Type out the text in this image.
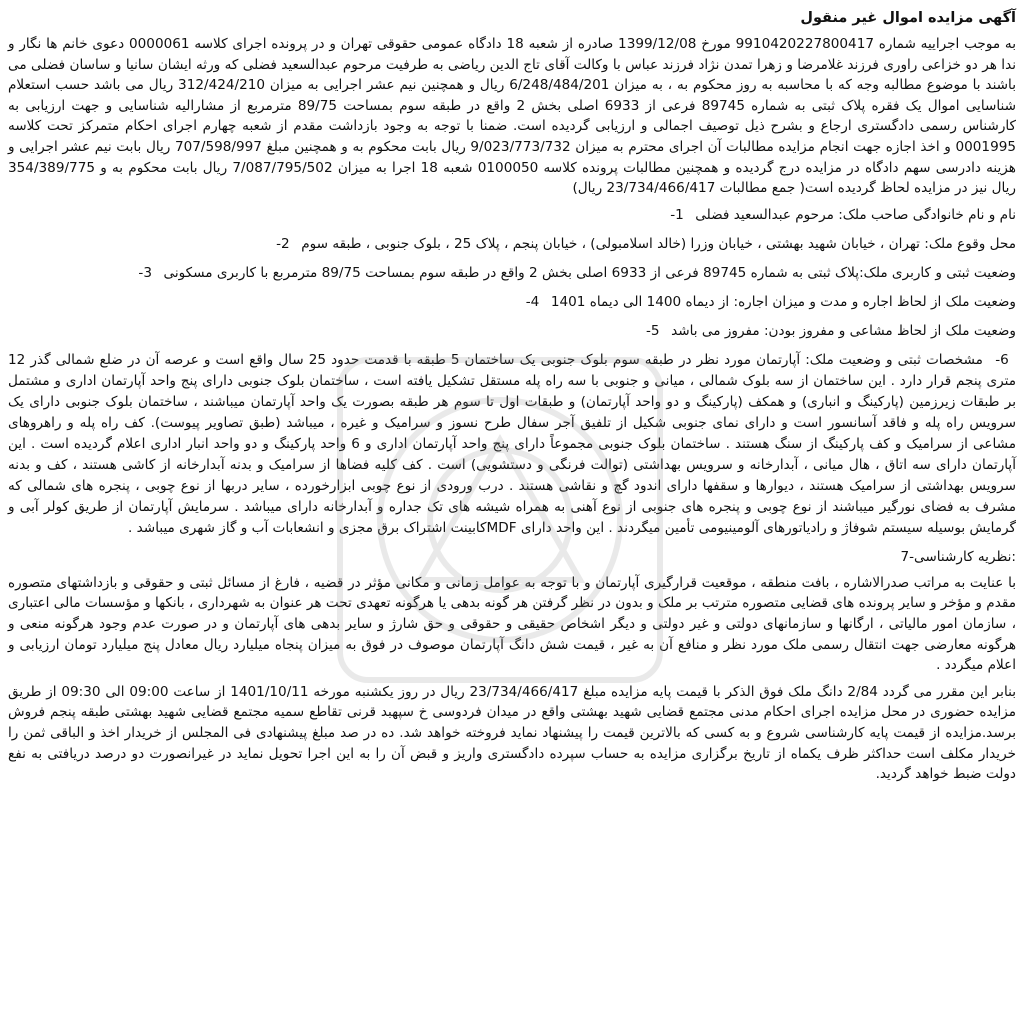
آگهی مزایده اموال غیر منقول

به موجب اجراییه شماره 9910420227800417 مورخ 1399/12/08 صادره از شعبه 18 دادگاه عمومی حقوقی تهران و در پرونده اجرای کلاسه 0000061 دعوی خانم ها نگار و ندا هر دو خزاعی راوری فرزند غلامرضا و زهرا تمدن نژاد فرزند عباس با وکالت آقای تاج الدین ریاضی به طرفیت مرحوم عبدالسعید فضلی که ورثه ایشان سانیا و ساسان فضلی می باشند با موضوع مطالبه وجه که با محاسبه به روز محکوم به ، به میزان 6/248/484/201 ریال و همچنین نیم عشر اجرایی به میزان 312/424/210 ریال می باشد حسب استعلام شناسایی اموال یک فقره پلاک ثبتی به شماره 89745 فرعی از 6933 اصلی بخش 2 واقع در طبقه سوم بمساحت 89/75 مترمربع از مشارالیه شناسایی و جهت ارزیابی به کارشناس رسمی دادگستری ارجاع و بشرح ذیل توصیف اجمالی و ارزیابی گردیده است. ضمنا با توجه به وجود بازداشت مقدم از شعبه چهارم اجرای احکام متمرکز تحت کلاسه 0001995 و اخذ اجازه جهت انجام مزایده مطالبات آن اجرای محترم به میزان 9/023/773/732 ریال بابت محکوم به و همچنین مبلغ 707/598/997 ریال بابت نیم عشر اجرایی و هزینه دادرسی سهم دادگاه در مزایده درج گردیده و همچنین مطالبات پرونده کلاسه 0100050 شعبه 18 اجرا به میزان 7/087/795/502 ریال بابت محکوم به و 354/389/775 ریال نیز در مزایده لحاظ گردیده است( جمع مطالبات 23/734/466/417 ریال)

نام و نام خانوادگی صاحب ملک: مرحوم عبدالسعید فضلی 1-
محل وقوع ملک: تهران ، خیابان شهید بهشتی ، خیابان وزرا (خالد اسلامبولی) ، خیابان پنجم ، پلاک 25 ، بلوک جنوبی ، طبقه سوم 2-
وضعیت ثبتی و کاربری ملک:پلاک ثبتی به شماره 89745 فرعی از 6933 اصلی بخش 2 واقع در طبقه سوم بمساحت 89/75 مترمربع با کاربری مسکونی 3-
وضعیت ملک از لحاظ اجاره و مدت و میزان اجاره: از دیماه 1400 الی دیماه 1401 4-
وضعیت ملک از لحاظ مشاعی و مفروز بودن: مفروز می باشد 5-
6- مشخصات ثبتی و وضعیت ملک: آپارتمان مورد نظر در طبقه سوم بلوک جنوبی یک ساختمان 5 طبقه با قدمت حدود 25 سال واقع است و عرصه آن در ضلع شمالی گذر 12 متری پنجم قرار دارد . این ساختمان از سه بلوک شمالی ، میانی و جنوبی با سه راه پله مستقل تشکیل یافته است ، ساختمان بلوک جنوبی دارای پنج واحد آپارتمان اداری و مشتمل بر طبقات زیرزمین (پارکینگ و انباری) و همکف (پارکینگ و دو واحد آپارتمان) و طبقات اول تا سوم هر طبقه بصورت یک واحد آپارتمان میباشند ، ساختمان بلوک جنوبی دارای یک سرویس راه پله و فاقد آسانسور است و دارای نمای جنوبی شکیل از تلفیق آجر سفال طرح نسوز و سرامیک و غیره ، میباشد (طبق تصاویر پیوست). کف راه پله و راهروهای مشاعی از سرامیک و کف پارکینگ از سنگ هستند . ساختمان بلوک جنوبی مجموعاً دارای پنج واحد آپارتمان اداری و 6 واحد پارکینگ و دو واحد انبار اداری اعلام گردیده است . این آپارتمان دارای سه اتاق ، هال میانی ، آبدارخانه و سرویس بهداشتی (توالت فرنگی و دستشویی) است . کف کلیه فضاها از سرامیک و بدنه آبدارخانه از کاشی هستند ، کف و بدنه سرویس بهداشتی از سرامیک هستند ، دیوارها و سقفها دارای اندود گچ و نقاشی هستند . درب ورودی از نوع چوبی ابزارخورده ، سایر دربها از نوع چوبی ، پنجره های شمالی که مشرف به فضای نورگیر میباشند از نوع چوبی و پنجره های جنوبی از نوع آهنی به همراه شیشه های تک جداره و آبدارخانه دارای میباشد . سرمایش آپارتمان از طریق کولر آبی و گرمایش بوسیله سیستم شوفاژ و رادیاتورهای آلومینیومی تأمین میگردند . این واحد دارای MDFکابینت اشتراک برق مجزی و انشعابات آب و گاز شهری میباشد .
:نظریه کارشناسی-7

با عنایت به مراتب صدرالاشاره ، بافت منطقه ، موقعیت قرارگیری آپارتمان و با توجه به عوامل زمانی و مکانی مؤثر در قضیه ، فارغ از مسائل ثبتی و حقوقی و بازداشتهای متصوره مقدم و مؤخر و سایر پرونده های قضایی متصوره مترتب بر ملک و بدون در نظر گرفتن هر گونه بدهی یا هرگونه تعهدی تحت هر عنوان به شهرداری ، بانکها و مؤسسات مالی اعتباری ، سازمان امور مالیاتی ، ارگانها و سازمانهای دولتی و غیر دولتی و دیگر اشخاص حقیقی و حقوقی و حق شارژ و سایر بدهی های آپارتمان و در صورت عدم وجود هرگونه منعی و هرگونه معارضی جهت انتقال رسمی ملک مورد نظر و منافع آن به غیر ، قیمت شش دانگ آپارتمان موصوف در فوق به میزان پنجاه میلیارد ریال معادل پنج میلیارد تومان ارزیابی و اعلام میگردد .

بنابر این مقرر می گردد 2/84 دانگ ملک فوق الذکر با قیمت پایه مزایده مبلغ 23/734/466/417 ریال در روز یکشنبه مورخه 1401/10/11 از ساعت 09:00 الی 09:30 از طریق مزایده حضوری در محل مزایده اجرای احکام مدنی مجتمع قضایی شهید بهشتی واقع در میدان فردوسی خ سپهبد قرنی تقاطع سمیه مجتمع قضایی شهید بهشتی طبقه پنجم فروش برسد.مزایده از قیمت پایه کارشناسی شروع و به کسی که بالاترین قیمت را پیشنهاد نماید فروخته خواهد شد. ده در صد مبلغ پیشنهادی فی المجلس از خریدار اخذ و الباقی ثمن را خریدار مکلف است حداکثر ظرف یکماه از تاریخ برگزاری مزایده به حساب سپرده دادگستری واریز و قبض آن را به این اجرا تحویل نماید در غیرانصورت دو درصد دریافتی به نفع دولت ضبط خواهد گردید.
